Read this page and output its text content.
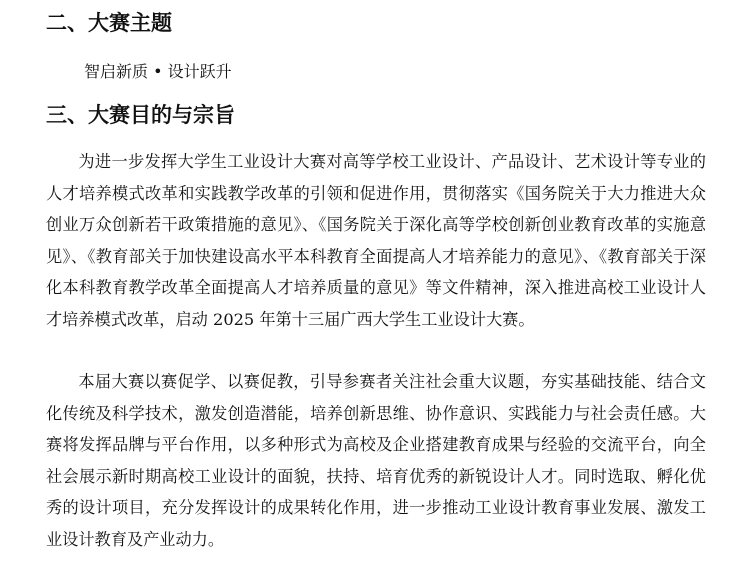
二、大赛主题

智启新质 • 设计跃升

三、大赛目的与宗旨

为进一步发挥大学生工业设计大赛对高等学校工业设计、产品设计、艺术设计等专业的人才培养模式改革和实践教学改革的引领和促进作用，贯彻落实《国务院关于大力推进大众创业万众创新若干政策措施的意见》、《国务院关于深化高等学校创新创业教育改革的实施意见》、《教育部关于加快建设高水平本科教育全面提高人才培养能力的意见》、《教育部关于深化本科教育教学改革全面提高人才培养质量的意见》等文件精神，深入推进高校工业设计人才培养模式改革，启动 2025 年第十三届广西大学生工业设计大赛。

本届大赛以赛促学、以赛促教，引导参赛者关注社会重大议题，夯实基础技能、结合文化传统及科学技术，激发创造潜能，培养创新思维、协作意识、实践能力与社会责任感。大赛将发挥品牌与平台作用，以多种形式为高校及企业搭建教育成果与经验的交流平台，向全社会展示新时期高校工业设计的面貌，扶持、培育优秀的新锐设计人才。同时选取、孵化优秀的设计项目，充分发挥设计的成果转化作用，进一步推动工业设计教育事业发展、激发工业设计教育及产业动力。
